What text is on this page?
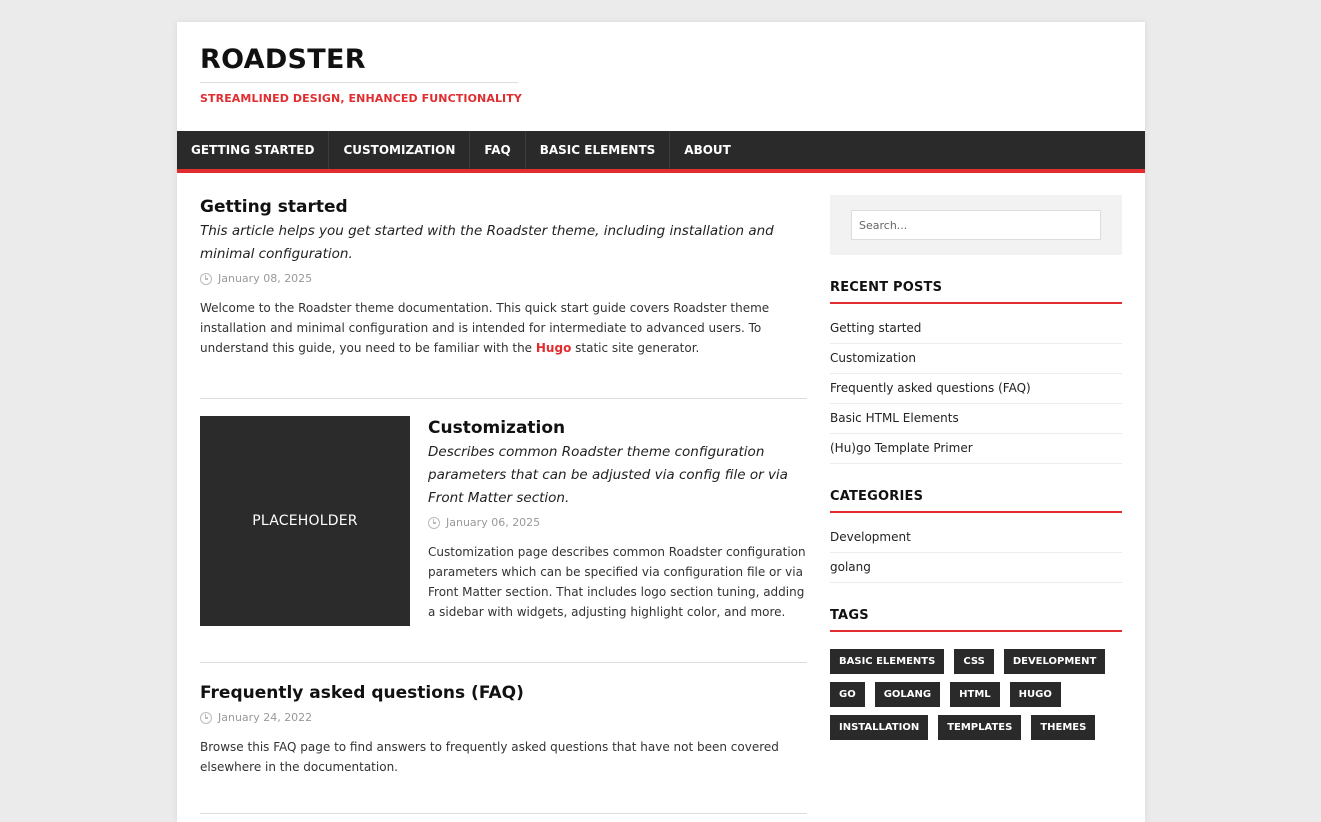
ROADSTER
STREAMLINED DESIGN, ENHANCED FUNCTIONALITY
GETTING STARTED	CUSTOMIZATION	FAQ	BASIC ELEMENTS	ABOUT
Getting started
This article helps you get started with the Roadster theme, including installation and minimal configuration.
January 08, 2025

Welcome to the Roadster theme documentation. This quick start guide covers Roadster theme installation and minimal configuration and is intended for intermediate to advanced users. To understand this guide, you need to be familiar with the Hugo static site generator.

PLACEHOLDER
Customization
Describes common Roadster theme configuration parameters that can be adjusted via config file or via Front Matter section.
January 06, 2025

Customization page describes common Roadster configuration parameters which can be specified via configuration file or via Front Matter section. That includes logo section tuning, adding a sidebar with widgets, adjusting highlight color, and more.

Frequently asked questions (FAQ)
January 24, 2022

Browse this FAQ page to find answers to frequently asked questions that have not been covered elsewhere in the documentation.

Search...
RECENT POSTS
Getting started
Customization
Frequently asked questions (FAQ)
Basic HTML Elements
(Hu)go Template Primer
CATEGORIES
Development
golang
TAGS
BASIC ELEMENTS	CSS	DEVELOPMENT
GO	GOLANG	HTML	HUGO
INSTALLATION	TEMPLATES	THEMES
